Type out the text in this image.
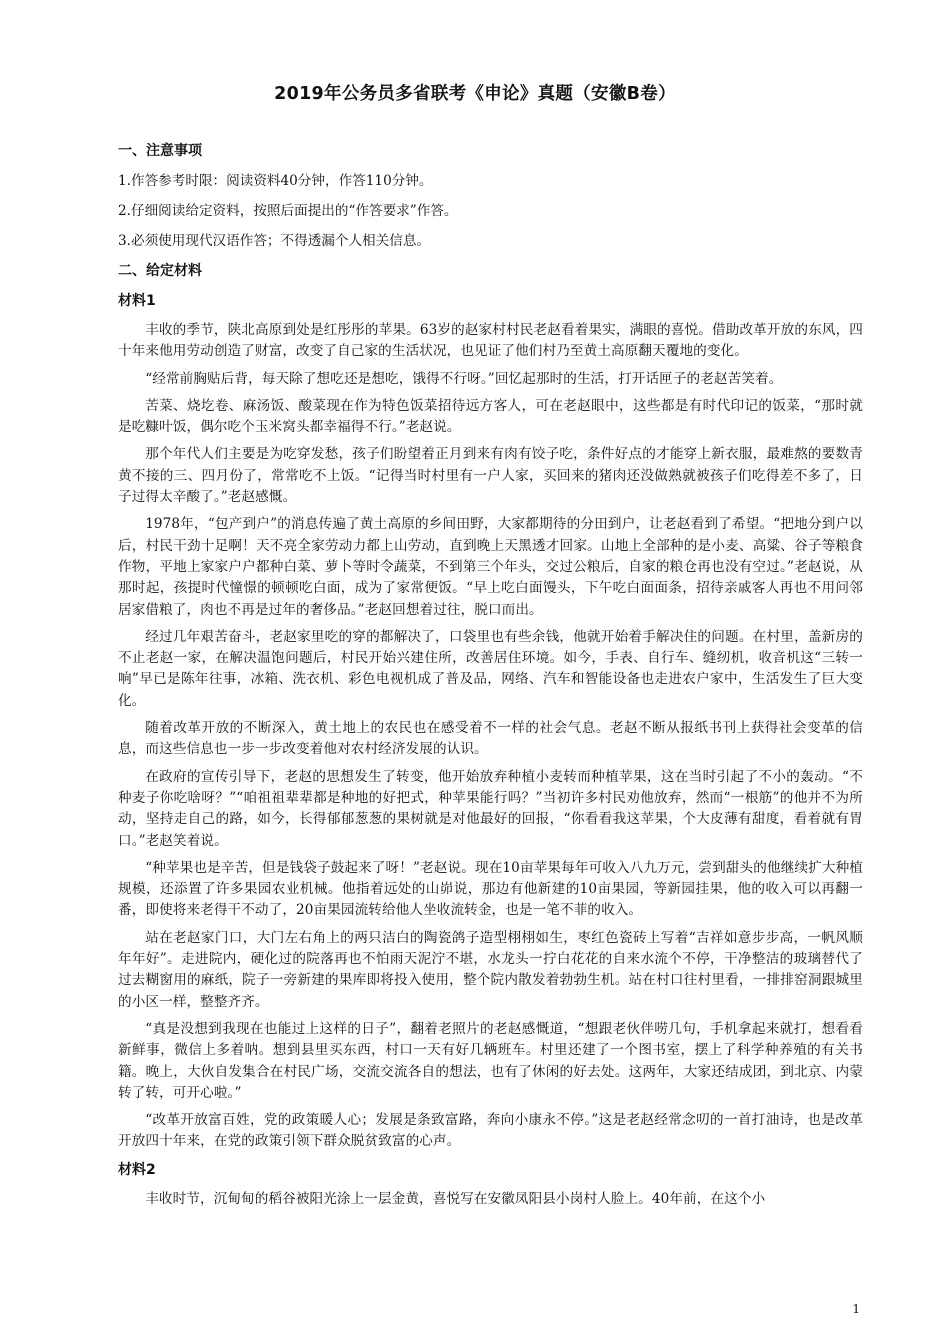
2019年公务员多省联考《申论》真题（安徽B卷）

一、注意事项

1.作答参考时限：阅读资料40分钟，作答110分钟。

2.仔细阅读给定资料，按照后面提出的“作答要求”作答。

3.必须使用现代汉语作答；不得透漏个人相关信息。

二、给定材料

材料1

丰收的季节，陕北高原到处是红彤彤的苹果。63岁的赵家村村民老赵看着果实，满眼的喜悦。借助改革开放的东风，四十年来他用劳动创造了财富，改变了自己家的生活状况，也见证了他们村乃至黄土高原翻天覆地的变化。

“经常前胸贴后背，每天除了想吃还是想吃，饿得不行呀。”回忆起那时的生活，打开话匣子的老赵苦笑着。

苦菜、烧圪卷、麻汤饭、酸菜现在作为特色饭菜招待远方客人，可在老赵眼中，这些都是有时代印记的饭菜，“那时就是吃糠叶饭，偶尔吃个玉米窝头都幸福得不行。”老赵说。

那个年代人们主要是为吃穿发愁，孩子们盼望着正月到来有肉有饺子吃，条件好点的才能穿上新衣服，最难熬的要数青黄不接的三、四月份了，常常吃不上饭。“记得当时村里有一户人家，买回来的猪肉还没做熟就被孩子们吃得差不多了，日子过得太辛酸了。”老赵感慨。

1978年，“包产到户”的消息传遍了黄土高原的乡间田野，大家都期待的分田到户，让老赵看到了希望。“把地分到户以后，村民干劲十足啊！天不亮全家劳动力都上山劳动，直到晚上天黑透才回家。山地上全部种的是小麦、高粱、谷子等粮食作物，平地上家家户户都种白菜、萝卜等时令蔬菜，不到第三个年头，交过公粮后，自家的粮仓再也没有空过。”老赵说，从那时起，孩提时代憧憬的顿顿吃白面，成为了家常便饭。“早上吃白面馒头，下午吃白面面条，招待亲戚客人再也不用问邻居家借粮了，肉也不再是过年的奢侈品。”老赵回想着过往，脱口而出。

经过几年艰苦奋斗，老赵家里吃的穿的都解决了，口袋里也有些余钱，他就开始着手解决住的问题。在村里，盖新房的不止老赵一家，在解决温饱问题后，村民开始兴建住所，改善居住环境。如今，手表、自行车、缝纫机，收音机这“三转一响”早已是陈年往事，冰箱、洗衣机、彩色电视机成了普及品，网络、汽车和智能设备也走进农户家中，生活发生了巨大变化。

随着改革开放的不断深入，黄土地上的农民也在感受着不一样的社会气息。老赵不断从报纸书刊上获得社会变革的信息，而这些信息也一步一步改变着他对农村经济发展的认识。

在政府的宣传引导下，老赵的思想发生了转变，他开始放弃种植小麦转而种植苹果，这在当时引起了不小的轰动。“不种麦子你吃啥呀？”“咱祖祖辈辈都是种地的好把式，种苹果能行吗？”当初许多村民劝他放弃，然而“一根筋”的他并不为所动，坚持走自己的路，如今，长得郁郁葱葱的果树就是对他最好的回报，“你看看我这苹果，个大皮薄有甜度，看着就有胃口。”老赵笑着说。

“种苹果也是辛苦，但是钱袋子鼓起来了呀！”老赵说。现在10亩苹果每年可收入八九万元，尝到甜头的他继续扩大种植规模，还添置了许多果园农业机械。他指着远处的山峁说，那边有他新建的10亩果园，等新园挂果，他的收入可以再翻一番，即使将来老得干不动了，20亩果园流转给他人坐收流转金，也是一笔不菲的收入。

站在老赵家门口，大门左右角上的两只洁白的陶瓷鸽子造型栩栩如生，枣红色瓷砖上写着“吉祥如意步步高，一帆风顺年年好”。走进院内，硬化过的院落再也不怕雨天泥泞不堪，水龙头一拧白花花的自来水流个不停，干净整洁的玻璃替代了过去糊窗用的麻纸，院子一旁新建的果库即将投入使用，整个院内散发着勃勃生机。站在村口往村里看，一排排窑洞跟城里的小区一样，整整齐齐。

“真是没想到我现在也能过上这样的日子”，翻着老照片的老赵感慨道，“想跟老伙伴唠几句，手机拿起来就打，想看看新鲜事，微信上多着呐。想到县里买东西，村口一天有好几辆班车。村里还建了一个图书室，摆上了科学种养殖的有关书籍。晚上，大伙自发集合在村民广场，交流交流各自的想法，也有了休闲的好去处。这两年，大家还结成团，到北京、内蒙转了转，可开心啦。”

“改革开放富百姓，党的政策暖人心；发展是条致富路，奔向小康永不停。”这是老赵经常念叨的一首打油诗，也是改革开放四十年来，在党的政策引领下群众脱贫致富的心声。

材料2

丰收时节，沉甸甸的稻谷被阳光涂上一层金黄，喜悦写在安徽凤阳县小岗村人脸上。40年前，在这个小

1
